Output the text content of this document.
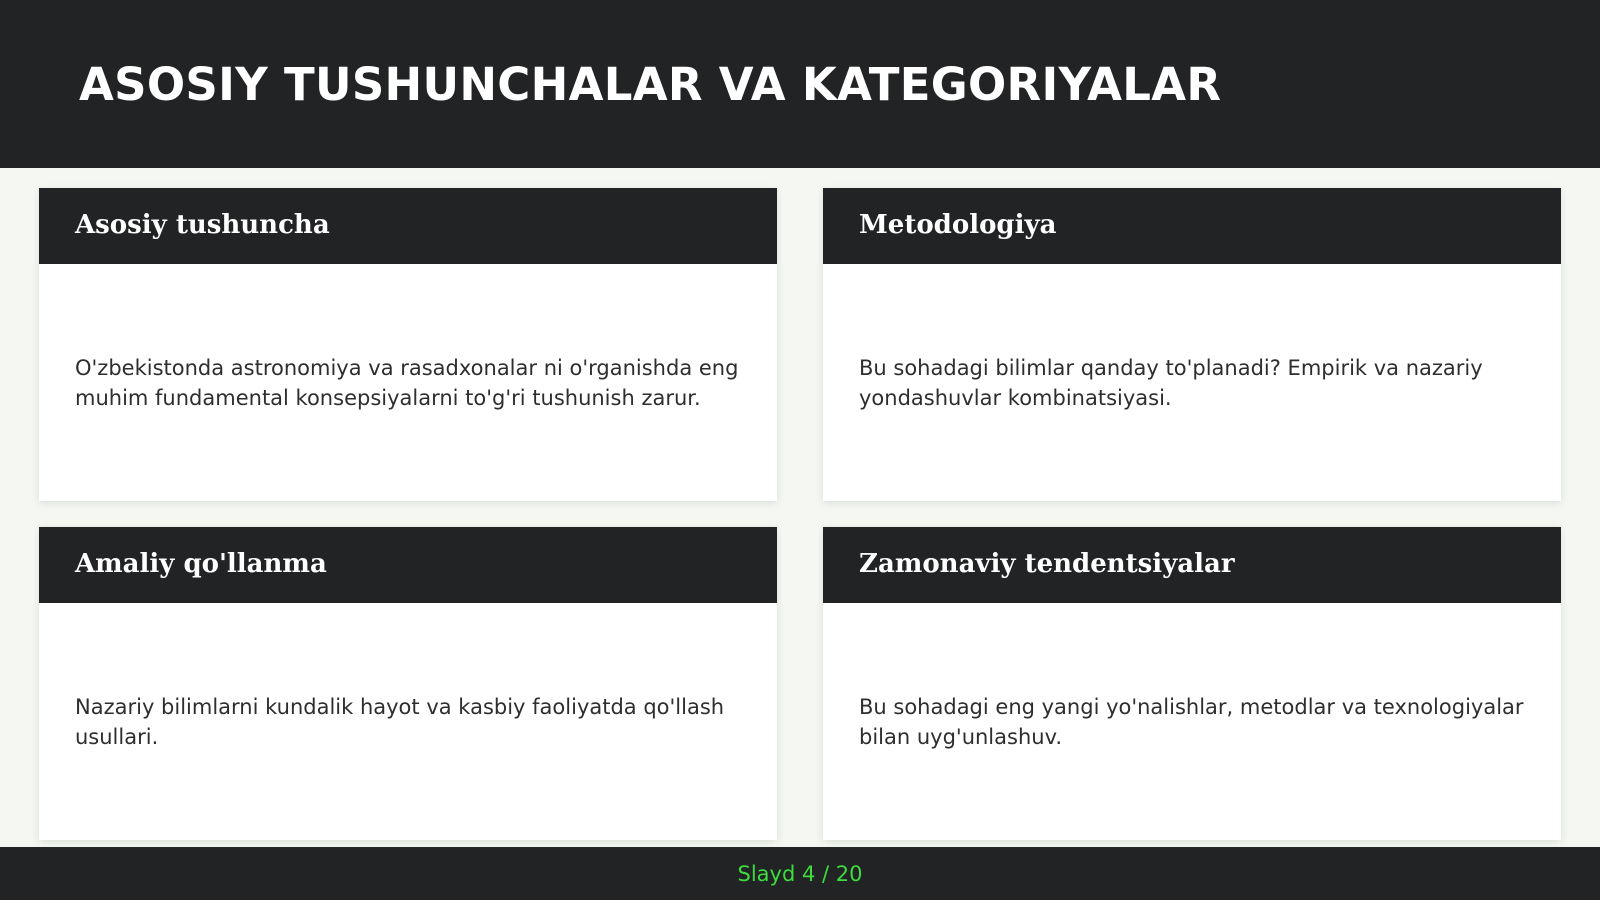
ASOSIY TUSHUNCHALAR VA KATEGORIYALAR
Asosiy tushuncha

O'zbekistonda astronomiya va rasadxonalar ni o'rganishda eng muhim fundamental konsepsiyalarni to'g'ri tushunish zarur.

Metodologiya

Bu sohadagi bilimlar qanday to'planadi? Empirik va nazariy yondashuvlar kombinatsiyasi.

Amaliy qo'llanma

Nazariy bilimlarni kundalik hayot va kasbiy faoliyatda qo'llash usullari.

Zamonaviy tendentsiyalar

Bu sohadagi eng yangi yo'nalishlar, metodlar va texnologiyalar bilan uyg'unlashuv.

Slayd 4 / 20
